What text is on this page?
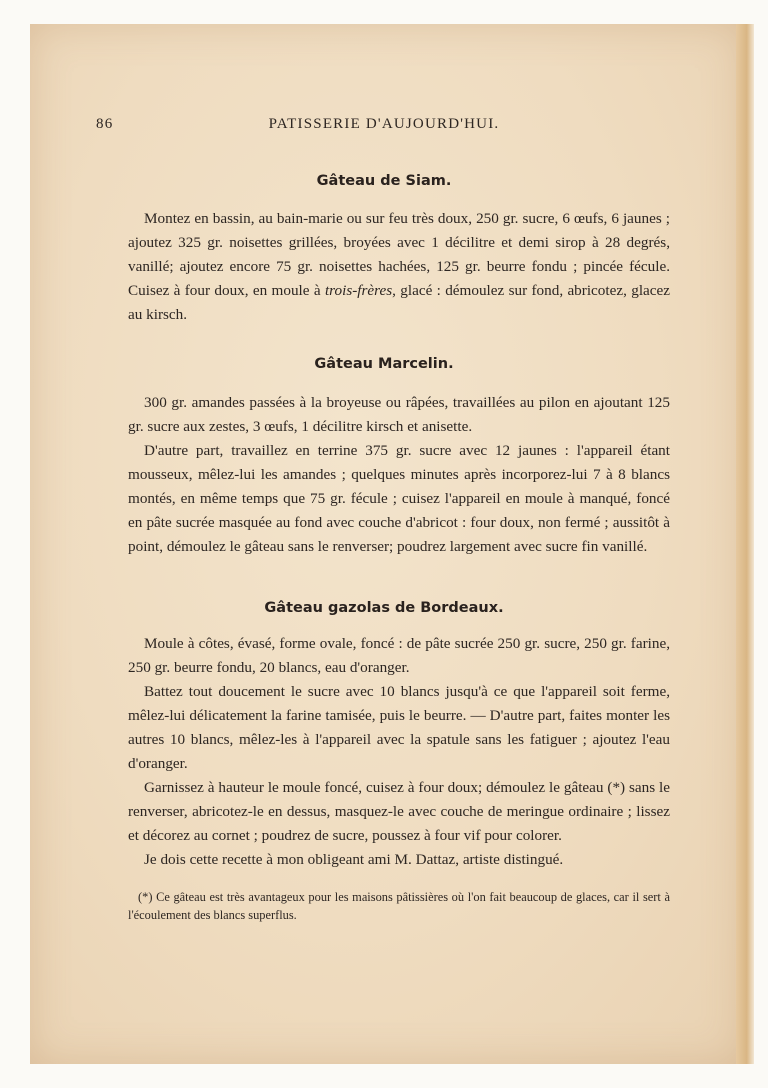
86	PATISSERIE D'AUJOURD'HUI.
Gâteau de Siam.

Montez en bassin, au bain-marie ou sur feu très doux, 250 gr. sucre, 6 œufs, 6 jaunes ; ajoutez 325 gr. noisettes grillées, broyées avec 1 décilitre et demi sirop à 28 degrés, vanillé; ajoutez encore 75 gr. noisettes hachées, 125 gr. beurre fondu ; pincée fécule. Cuisez à four doux, en moule à trois-frères, glacé : démoulez sur fond, abricotez, glacez au kirsch.

Gâteau Marcelin.

300 gr. amandes passées à la broyeuse ou râpées, travaillées au pilon en ajoutant 125 gr. sucre aux zestes, 3 œufs, 1 décilitre kirsch et anisette.

D'autre part, travaillez en terrine 375 gr. sucre avec 12 jaunes : l'appareil étant mousseux, mêlez-lui les amandes ; quelques minutes après incorporez-lui 7 à 8 blancs montés, en même temps que 75 gr. fécule ; cuisez l'appareil en moule à manqué, foncé en pâte sucrée masquée au fond avec couche d'abricot : four doux, non fermé ; aussitôt à point, démoulez le gâteau sans le renverser; poudrez largement avec sucre fin vanillé.

Gâteau gazolas de Bordeaux.

Moule à côtes, évasé, forme ovale, foncé : de pâte sucrée 250 gr. sucre, 250 gr. farine, 250 gr. beurre fondu, 20 blancs, eau d'oranger.

Battez tout doucement le sucre avec 10 blancs jusqu'à ce que l'appareil soit ferme, mêlez-lui délicatement la farine tamisée, puis le beurre. — D'autre part, faites monter les autres 10 blancs, mêlez-les à l'appareil avec la spatule sans les fatiguer ; ajoutez l'eau d'oranger.

Garnissez à hauteur le moule foncé, cuisez à four doux; démoulez le gâteau (*) sans le renverser, abricotez-le en dessus, masquez-le avec couche de meringue ordinaire ; lissez et décorez au cornet ; poudrez de sucre, poussez à four vif pour colorer.

Je dois cette recette à mon obligeant ami M. Dattaz, artiste distingué.

(*) Ce gâteau est très avantageux pour les maisons pâtissières où l'on fait beaucoup de glaces, car il sert à l'écoulement des blancs superflus.
